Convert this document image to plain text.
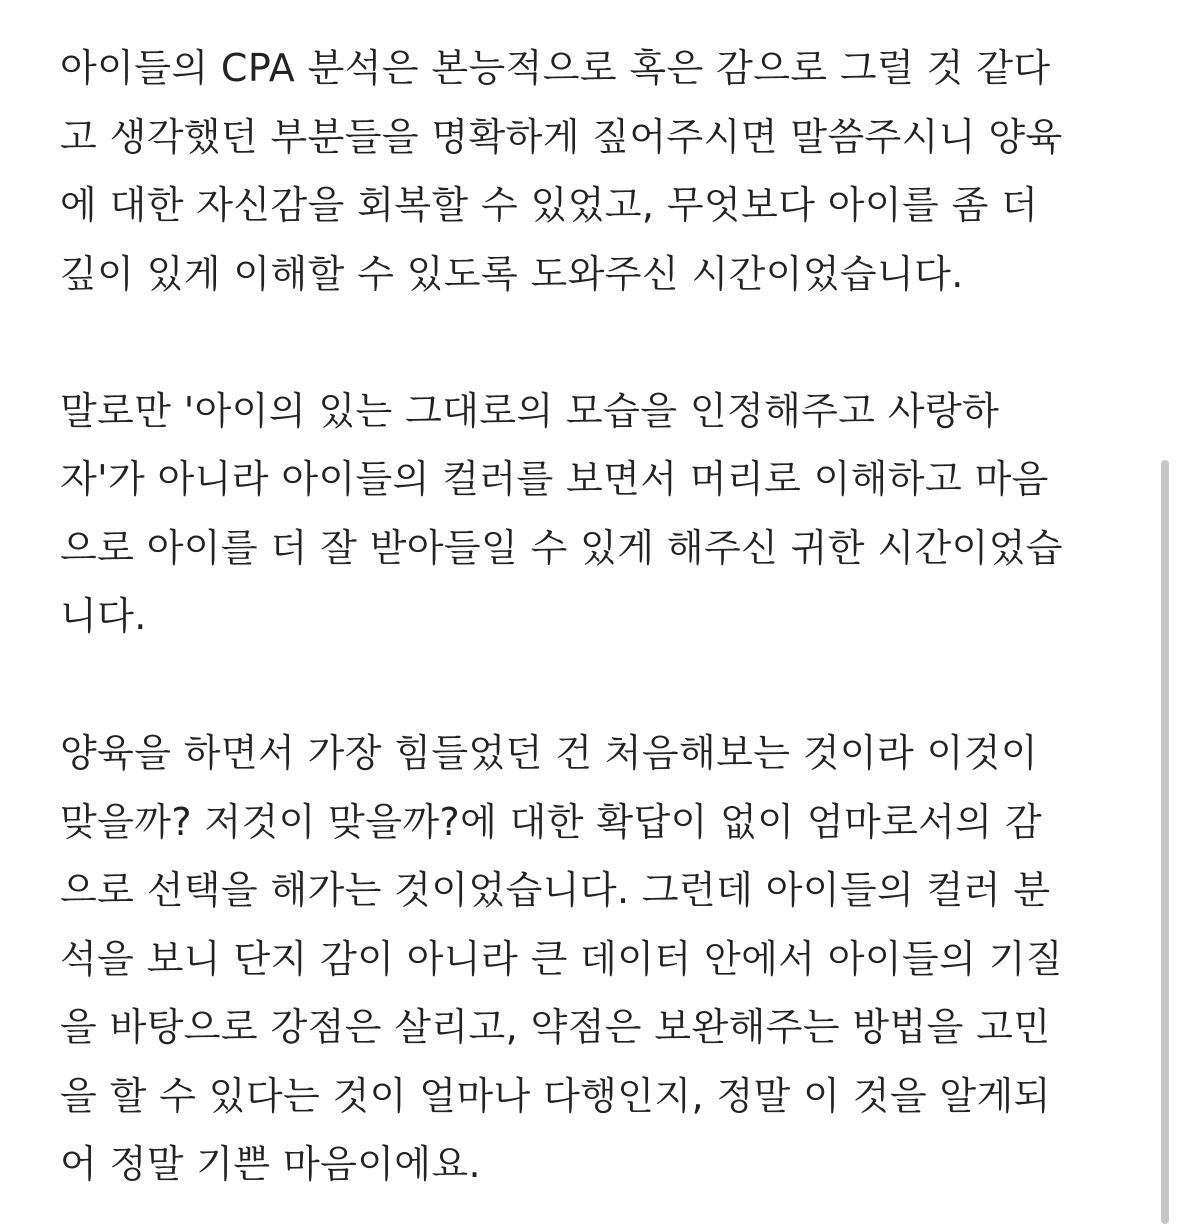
아이들의 CPA 분석은 본능적으로 혹은 감으로 그럴 것 같다
고 생각했던 부분들을 명확하게 짚어주시면 말씀주시니 양육
에 대한 자신감을 회복할 수 있었고, 무엇보다 아이를 좀 더
깊이 있게 이해할 수 있도록 도와주신 시간이었습니다.
말로만 '아이의 있는 그대로의 모습을 인정해주고 사랑하
자'가 아니라 아이들의 컬러를 보면서 머리로 이해하고 마음
으로 아이를 더 잘 받아들일 수 있게 해주신 귀한 시간이었습
니다.
양육을 하면서 가장 힘들었던 건 처음해보는 것이라 이것이
맞을까? 저것이 맞을까?에 대한 확답이 없이 엄마로서의 감
으로 선택을 해가는 것이었습니다. 그런데 아이들의 컬러 분
석을 보니 단지 감이 아니라 큰 데이터 안에서 아이들의 기질
을 바탕으로 강점은 살리고, 약점은 보완해주는 방법을 고민
을 할 수 있다는 것이 얼마나 다행인지, 정말 이 것을 알게되
어 정말 기쁜 마음이에요.
